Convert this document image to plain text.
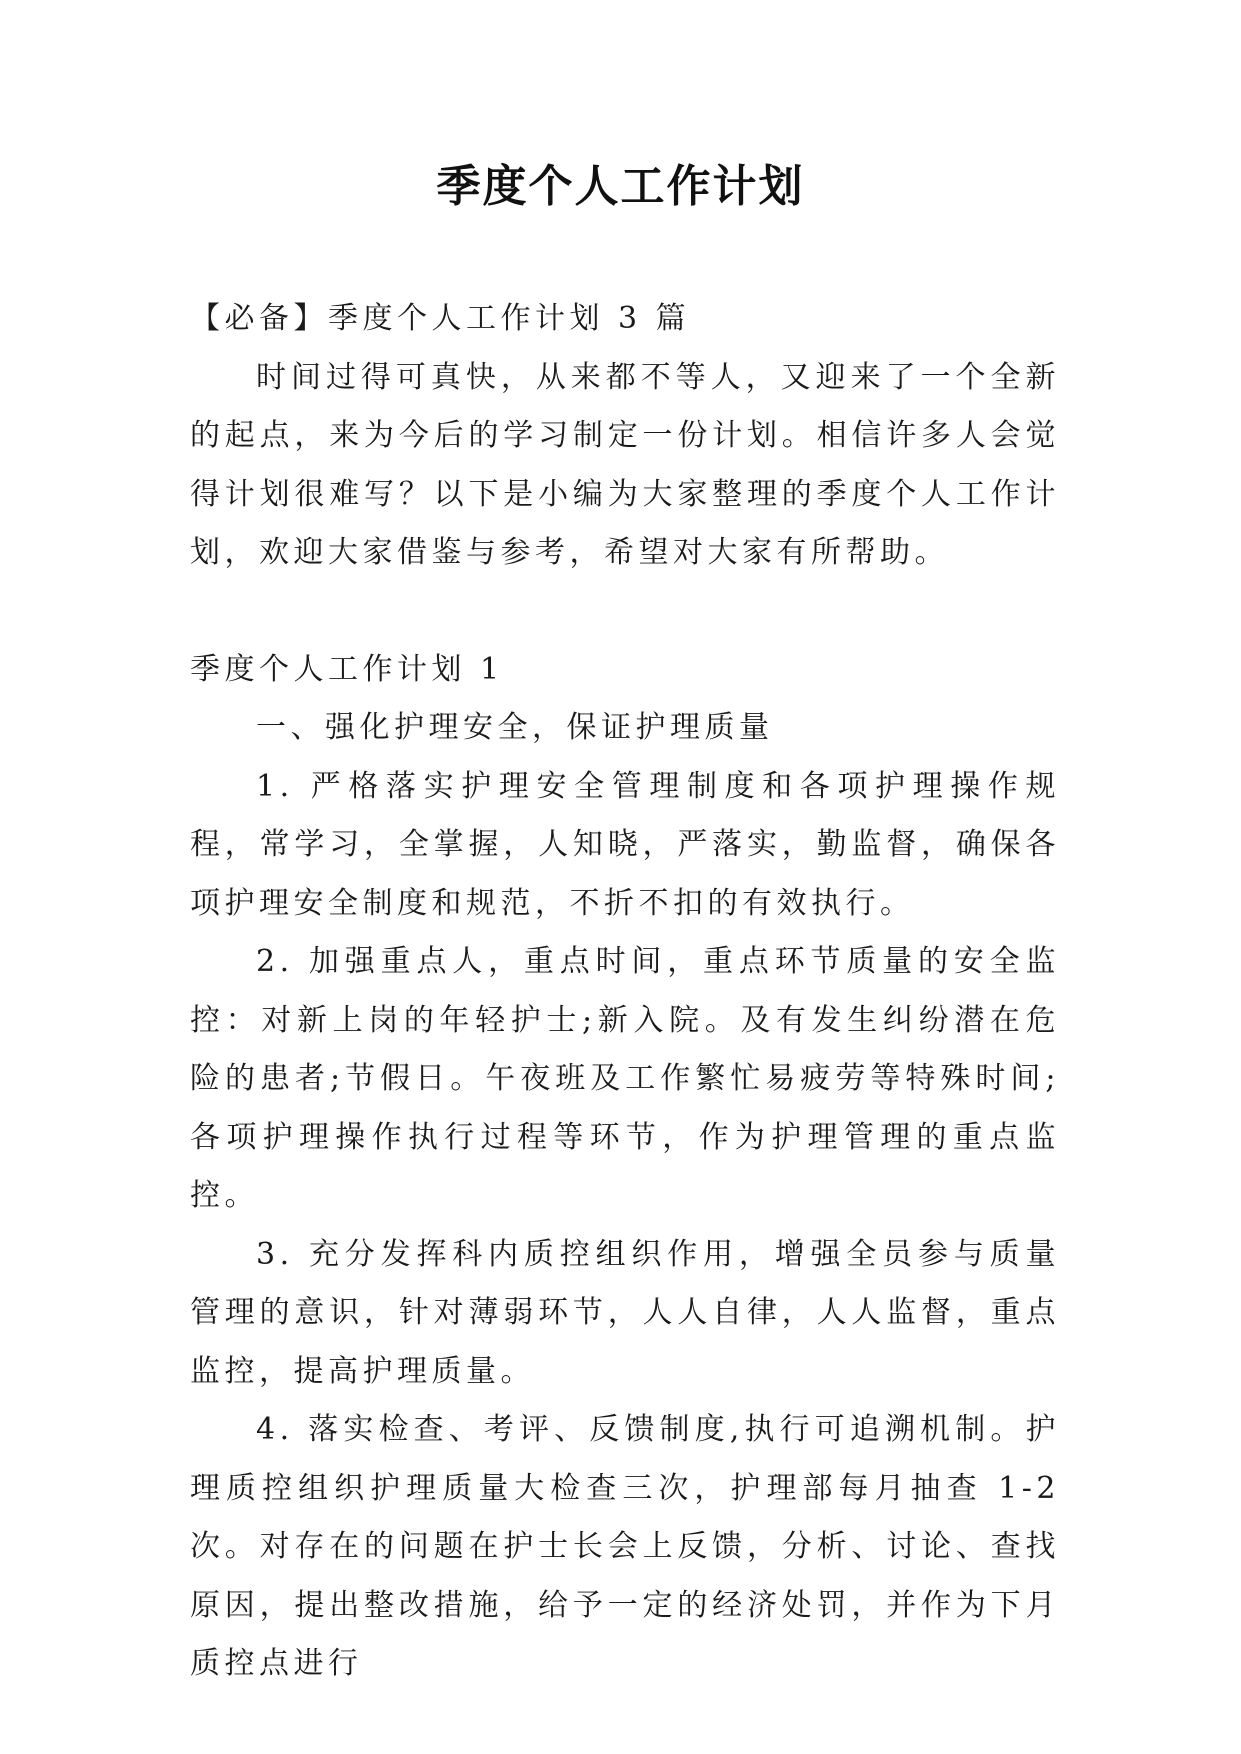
季度个人工作计划

【必备】季度个人工作计划 3 篇

时间过得可真快，从来都不等人，又迎来了一个全新的起点，来为今后的学习制定一份计划。相信许多人会觉得计划很难写？以下是小编为大家整理的季度个人工作计划，欢迎大家借鉴与参考，希望对大家有所帮助。

季度个人工作计划 1

一、强化护理安全，保证护理质量

1. 严格落实护理安全管理制度和各项护理操作规程，常学习，全掌握，人知晓，严落实，勤监督，确保各项护理安全制度和规范，不折不扣的有效执行。

2. 加强重点人，重点时间，重点环节质量的安全监控：对新上岗的年轻护士;新入院。及有发生纠纷潜在危险的患者;节假日。午夜班及工作繁忙易疲劳等特殊时间;各项护理操作执行过程等环节，作为护理管理的重点监控。

3. 充分发挥科内质控组织作用，增强全员参与质量管理的意识，针对薄弱环节，人人自律，人人监督，重点监控，提高护理质量。

4. 落实检查、考评、反馈制度,执行可追溯机制。护理质控组织护理质量大检查三次，护理部每月抽查 1-2 次。对存在的问题在护士长会上反馈，分析、讨论、查找原因，提出整改措施，给予一定的经济处罚，并作为下月质控点进行
